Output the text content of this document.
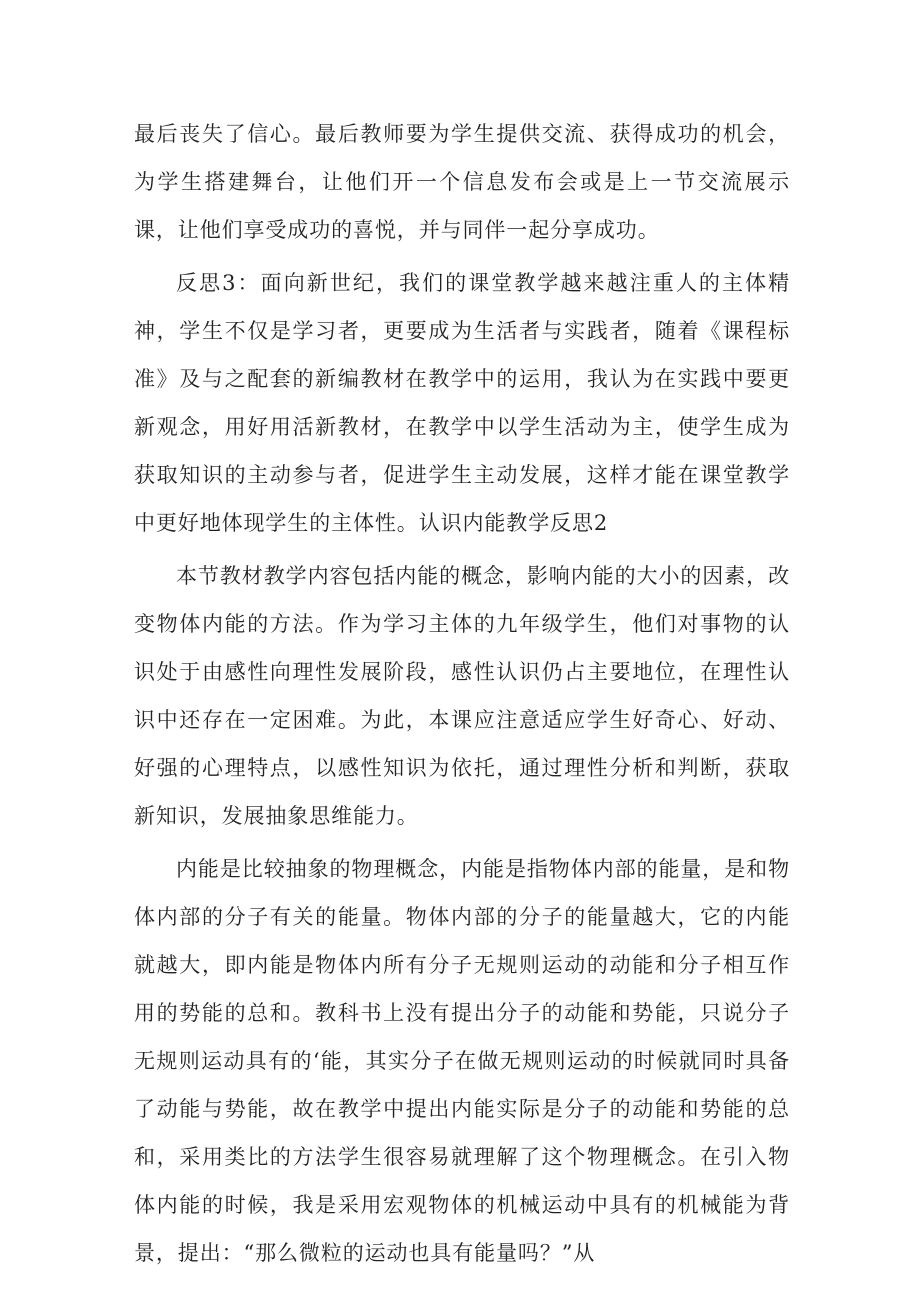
最后丧失了信心。最后教师要为学生提供交流、获得成功的机会，为学生搭建舞台，让他们开一个信息发布会或是上一节交流展示课，让他们享受成功的喜悦，并与同伴一起分享成功。

反思3：面向新世纪，我们的课堂教学越来越注重人的主体精神，学生不仅是学习者，更要成为生活者与实践者，随着《课程标准》及与之配套的新编教材在教学中的运用，我认为在实践中要更新观念，用好用活新教材，在教学中以学生活动为主，使学生成为获取知识的主动参与者，促进学生主动发展，这样才能在课堂教学中更好地体现学生的主体性。认识内能教学反思2

本节教材教学内容包括内能的概念，影响内能的大小的因素，改变物体内能的方法。作为学习主体的九年级学生，他们对事物的认识处于由感性向理性发展阶段，感性认识仍占主要地位，在理性认识中还存在一定困难。为此，本课应注意适应学生好奇心、好动、好强的心理特点，以感性知识为依托，通过理性分析和判断，获取新知识，发展抽象思维能力。

内能是比较抽象的物理概念，内能是指物体内部的能量，是和物体内部的分子有关的能量。物体内部的分子的能量越大，它的内能就越大，即内能是物体内所有分子无规则运动的动能和分子相互作用的势能的总和。教科书上没有提出分子的动能和势能，只说分子无规则运动具有的‘能，其实分子在做无规则运动的时候就同时具备了动能与势能，故在教学中提出内能实际是分子的动能和势能的总和，采用类比的方法学生很容易就理解了这个物理概念。在引入物体内能的时候，我是采用宏观物体的机械运动中具有的机械能为背景，提出：“那么微粒的运动也具有能量吗？”从
